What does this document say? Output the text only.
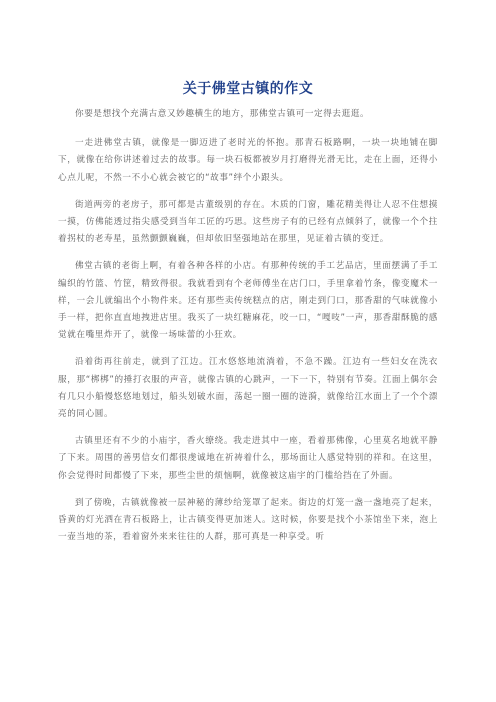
关于佛堂古镇的作文

你要是想找个充满古意又妙趣横生的地方，那佛堂古镇可一定得去逛逛。

一走进佛堂古镇，就像是一脚迈进了老时光的怀抱。那青石板路啊，一块一块地铺在脚下，就像在给你讲述着过去的故事。每一块石板都被岁月打磨得光滑无比，走在上面，还得小心点儿呢，不然一不小心就会被它的“故事”绊个小跟头。

街道两旁的老房子，那可都是古董级别的存在。木质的门窗，雕花精美得让人忍不住想摸一摸，仿佛能透过指尖感受到当年工匠的巧思。这些房子有的已经有点倾斜了，就像一个个拄着拐杖的老寿星，虽然颤颤巍巍，但却依旧坚强地站在那里，见证着古镇的变迁。

佛堂古镇的老街上啊，有着各种各样的小店。有那种传统的手工艺品店，里面摆满了手工编织的竹篮、竹筐，精致得很。我就看到有个老师傅坐在店门口，手里拿着竹条，像变魔术一样，一会儿就编出个小物件来。还有那些卖传统糕点的店，刚走到门口，那香甜的气味就像小手一样，把你直直地拽进店里。我买了一块红糖麻花，咬一口，“嘎吱”一声，那香甜酥脆的感觉就在嘴里炸开了，就像一场味蕾的小狂欢。

沿着街再往前走，就到了江边。江水悠悠地流淌着，不急不躁。江边有一些妇女在洗衣服，那“梆梆”的捶打衣服的声音，就像古镇的心跳声，一下一下，特别有节奏。江面上偶尔会有几只小船慢悠悠地划过，船头划破水面，荡起一圈一圈的涟漪，就像给江水面上了一个个漂亮的同心圆。

古镇里还有不少的小庙宇，香火缭绕。我走进其中一座，看着那佛像，心里莫名地就平静了下来。周围的善男信女们都很虔诚地在祈祷着什么，那场面让人感觉特别的祥和。在这里，你会觉得时间都慢了下来，那些尘世的烦恼啊，就像被这庙宇的门槛给挡在了外面。

到了傍晚，古镇就像被一层神秘的薄纱给笼罩了起来。街边的灯笼一盏一盏地亮了起来，昏黄的灯光洒在青石板路上，让古镇变得更加迷人。这时候，你要是找个小茶馆坐下来，泡上一壶当地的茶，看着窗外来来往往的人群，那可真是一种享受。听
